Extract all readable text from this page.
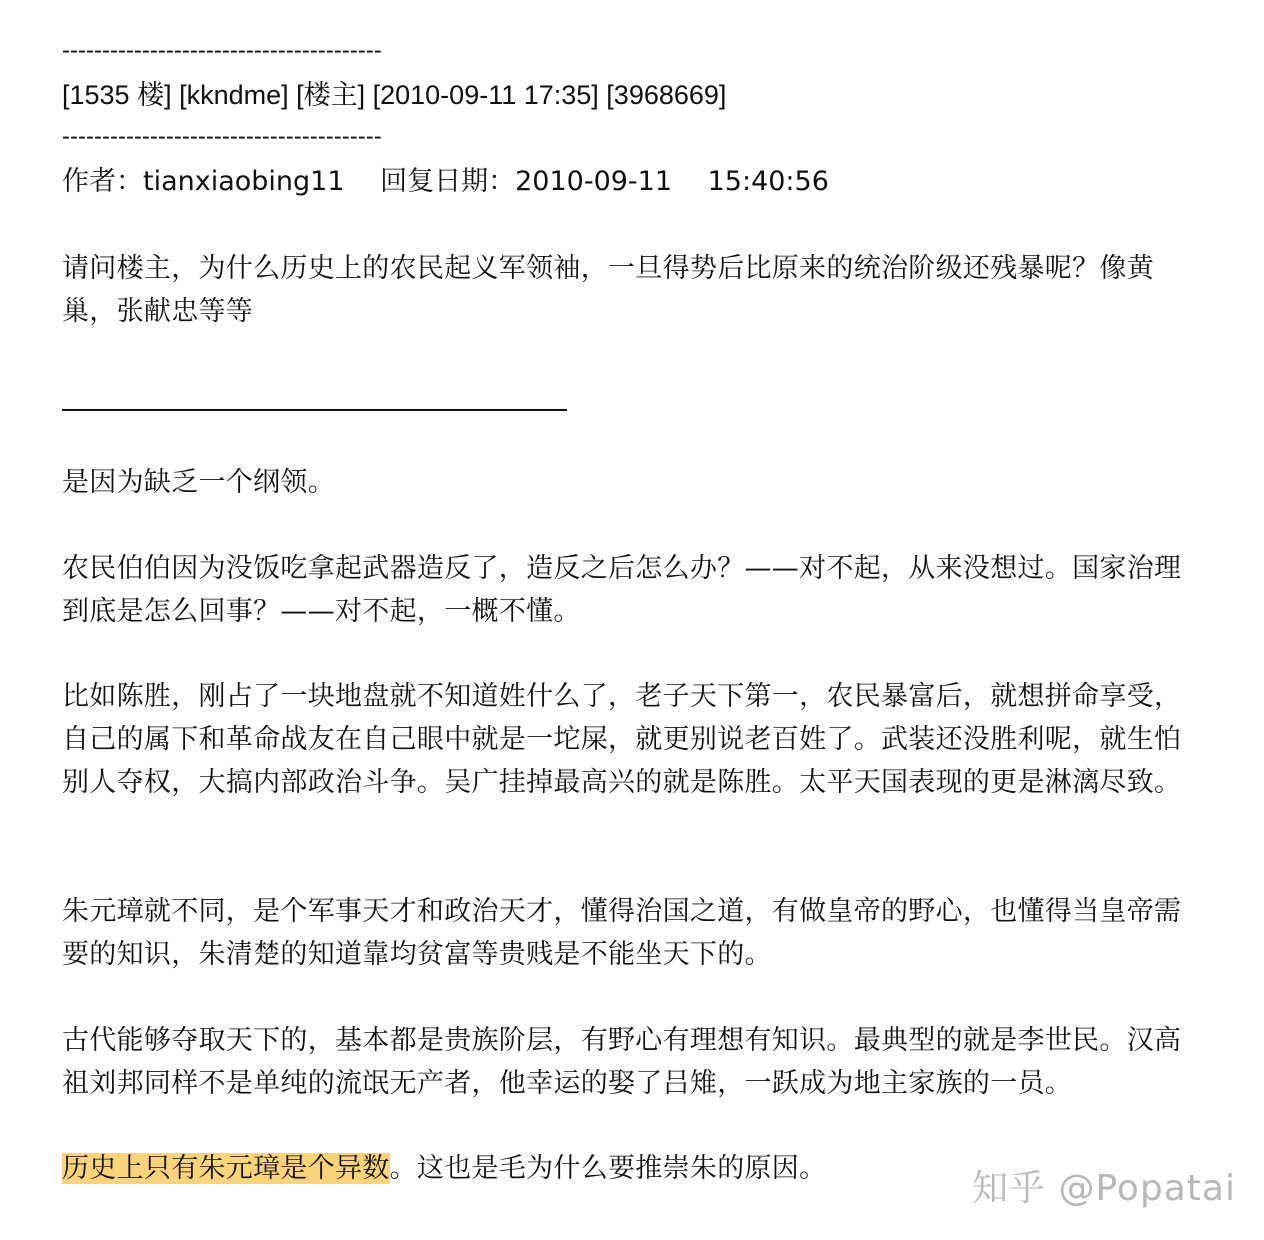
----------------------------------------
[1535 楼] [kkndme] [楼主] [2010-09-11 17:35] [3968669]
----------------------------------------
作者：tianxiaobing11　 回复日期：2010-09-11　 15:40:56
请问楼主，为什么历史上的农民起义军领袖，一旦得势后比原来的统治阶级还残暴呢？像黄巢，张献忠等等
是因为缺乏一个纲领。
农民伯伯因为没饭吃拿起武器造反了，造反之后怎么办？——对不起，从来没想过。国家治理到底是怎么回事？——对不起，一概不懂。
比如陈胜，刚占了一块地盘就不知道姓什么了，老子天下第一，农民暴富后，就想拼命享受，自己的属下和革命战友在自己眼中就是一坨屎，就更别说老百姓了。武装还没胜利呢，就生怕别人夺权，大搞内部政治斗争。吴广挂掉最高兴的就是陈胜。太平天国表现的更是淋漓尽致。
朱元璋就不同，是个军事天才和政治天才，懂得治国之道，有做皇帝的野心，也懂得当皇帝需要的知识，朱清楚的知道靠均贫富等贵贱是不能坐天下的。
古代能够夺取天下的，基本都是贵族阶层，有野心有理想有知识。最典型的就是李世民。汉高祖刘邦同样不是单纯的流氓无产者，他幸运的娶了吕雉，一跃成为地主家族的一员。
历史上只有朱元璋是个异数。这也是毛为什么要推崇朱的原因。	知乎 @Popatai
